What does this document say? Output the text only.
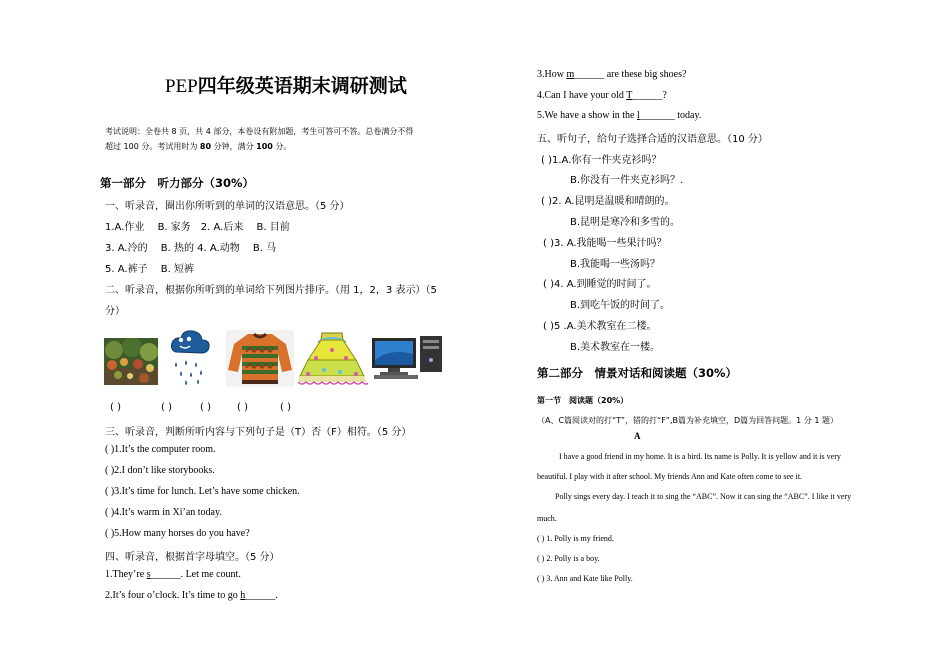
PEP四年级英语期末调研测试
考试说明：全卷共 8 页，共 4 部分，本卷设有附加题，考生可答可不答。总卷满分不得
超过 100 分。考试用时为 80 分钟，满分 100 分。
第一部分　听力部分（30%）
一、听录音，圈出你所听到的单词的汉语意思。（5 分）
1.A.作业　 B. 家务　2. A.后来　 B. 目前
3. A.冷的　 B. 热的 4. A.动物　 B. 马
5. A.裤子　 B. 短裤
二、听录音，根据你所听到的单词给下列图片排序。（用 1，2，3 表示）（5
分）
( )	( )	( )	( )	( )
三、听录音，判断所听内容与下列句子是（T）否（F）相符。（5 分）
( )1.It’s the computer room.
( )2.I don’t like storybooks.
( )3.It’s time for lunch. Let’s have some chicken.
( )4.It’s warm in Xi’an today.
( )5.How many horses do you have?
四、听录音，根据首字母填空。（5 分）
1.They’re s______. Let me count.
2.It’s four o’clock. It’s time to go h______.
3.How m______ are these big shoes?
4.Can I have your old T______?
5.We have a show in the l_______ today.
五、听句子，给句子选择合适的汉语意思。（10 分）
( )1.A.你有一件夹克衫吗？
B.你没有一件夹克衫吗？.
( )2. A.昆明是温暖和晴朗的。
B.昆明是寒冷和多雪的。
( )3. A.我能喝一些果汁吗？
B.我能喝一些汤吗？
( )4. A.到睡觉的时间了。
B.到吃午饭的时间了。
( )5 .A.美术教室在二楼。
B.美术教室在一楼。
第二部分　情景对话和阅读题（30%）
第一节　阅读题（20%）
（A、C篇阅读对的打“T”，错的打“F”,B篇为补充填空，D篇为回答问题。1 分 1 题）
A
I have a good friend in my home. It is a bird. Its name is Polly. It is yellow and it is very
beautiful. I play with it after school. My friends Ann and Kate often come to see it.
Polly sings every day. I teach it to sing the “ABC”. Now it can sing the “ABC”. I like it very
much.
( ) 1. Polly is my friend.
( ) 2. Polly is a boy.
( ) 3. Ann and Kate like Polly.
